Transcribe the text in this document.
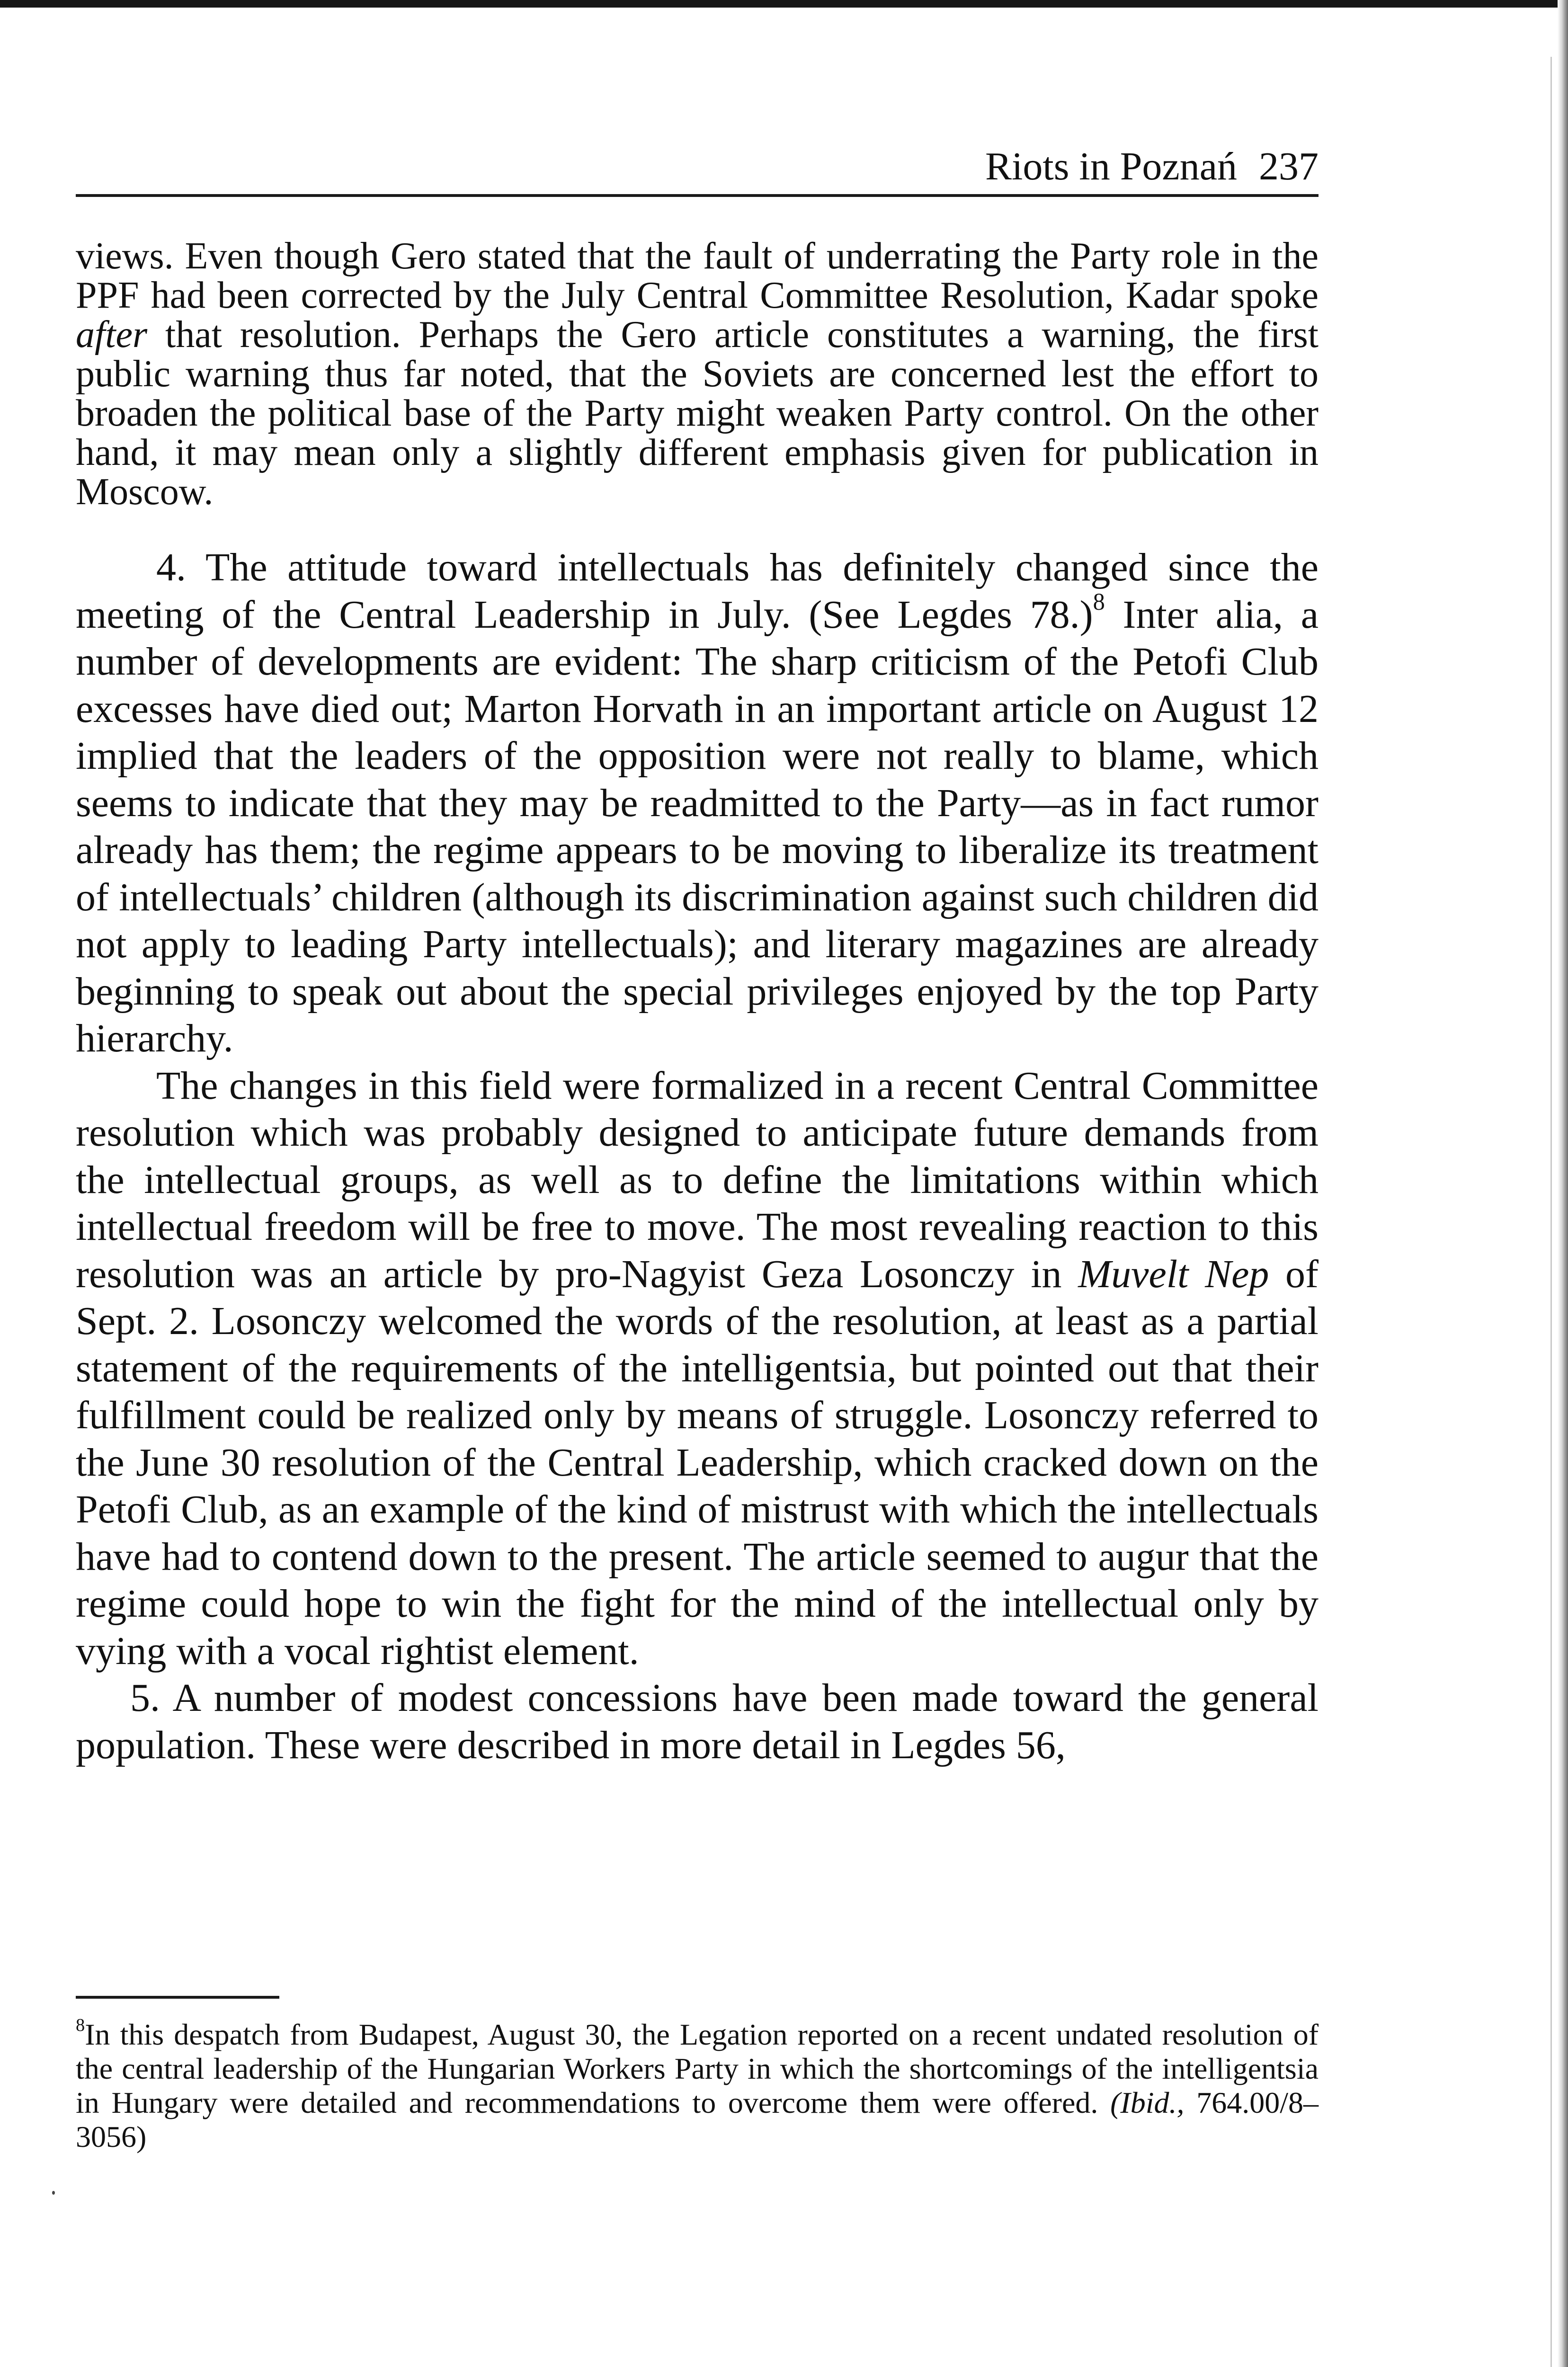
Riots in Poznań 237

views. Even though Gero stated that the fault of underrating the Party role in the PPF had been corrected by the July Central Committee Resolution, Kadar spoke after that resolution. Perhaps the Gero article constitutes a warning, the first public warning thus far noted, that the Soviets are concerned lest the effort to broaden the political base of the Party might weaken Party control. On the other hand, it may mean only a slightly different emphasis given for publication in Moscow.

4. The attitude toward intellectuals has definitely changed since the meeting of the Central Leadership in July. (See Legdes 78.)$^8$ Inter alia, a number of developments are evident: The sharp criticism of the Petofi Club excesses have died out; Marton Horvath in an important article on August 12 implied that the leaders of the opposition were not really to blame, which seems to indicate that they may be readmitted to the Party—as in fact rumor already has them; the regime appears to be moving to liberalize its treatment of intellectuals’ children (although its discrimination against such children did not apply to leading Party intellectuals); and literary magazines are already beginning to speak out about the special privileges enjoyed by the top Party hierarchy.

The changes in this field were formalized in a recent Central Committee resolution which was probably designed to anticipate future demands from the intellectual groups, as well as to define the limitations within which intellectual freedom will be free to move. The most revealing reaction to this resolution was an article by pro-Nagyist Geza Losonczy in Muvelt Nep of Sept. 2. Losonczy welcomed the words of the resolution, at least as a partial statement of the requirements of the intelligentsia, but pointed out that their fulfillment could be realized only by means of struggle. Losonczy referred to the June 30 resolution of the Central Leadership, which cracked down on the Petofi Club, as an example of the kind of mistrust with which the intellectuals have had to contend down to the present. The article seemed to augur that the regime could hope to win the fight for the mind of the intellectual only by vying with a vocal rightist element.

5. A number of modest concessions have been made toward the general population. These were described in more detail in Legdes 56,

$^8$In this despatch from Budapest, August 30, the Legation reported on a recent undated resolution of the central leadership of the Hungarian Workers Party in which the shortcomings of the intelligentsia in Hungary were detailed and recommendations to overcome them were offered. (Ibid., 764.00/8–3056)
